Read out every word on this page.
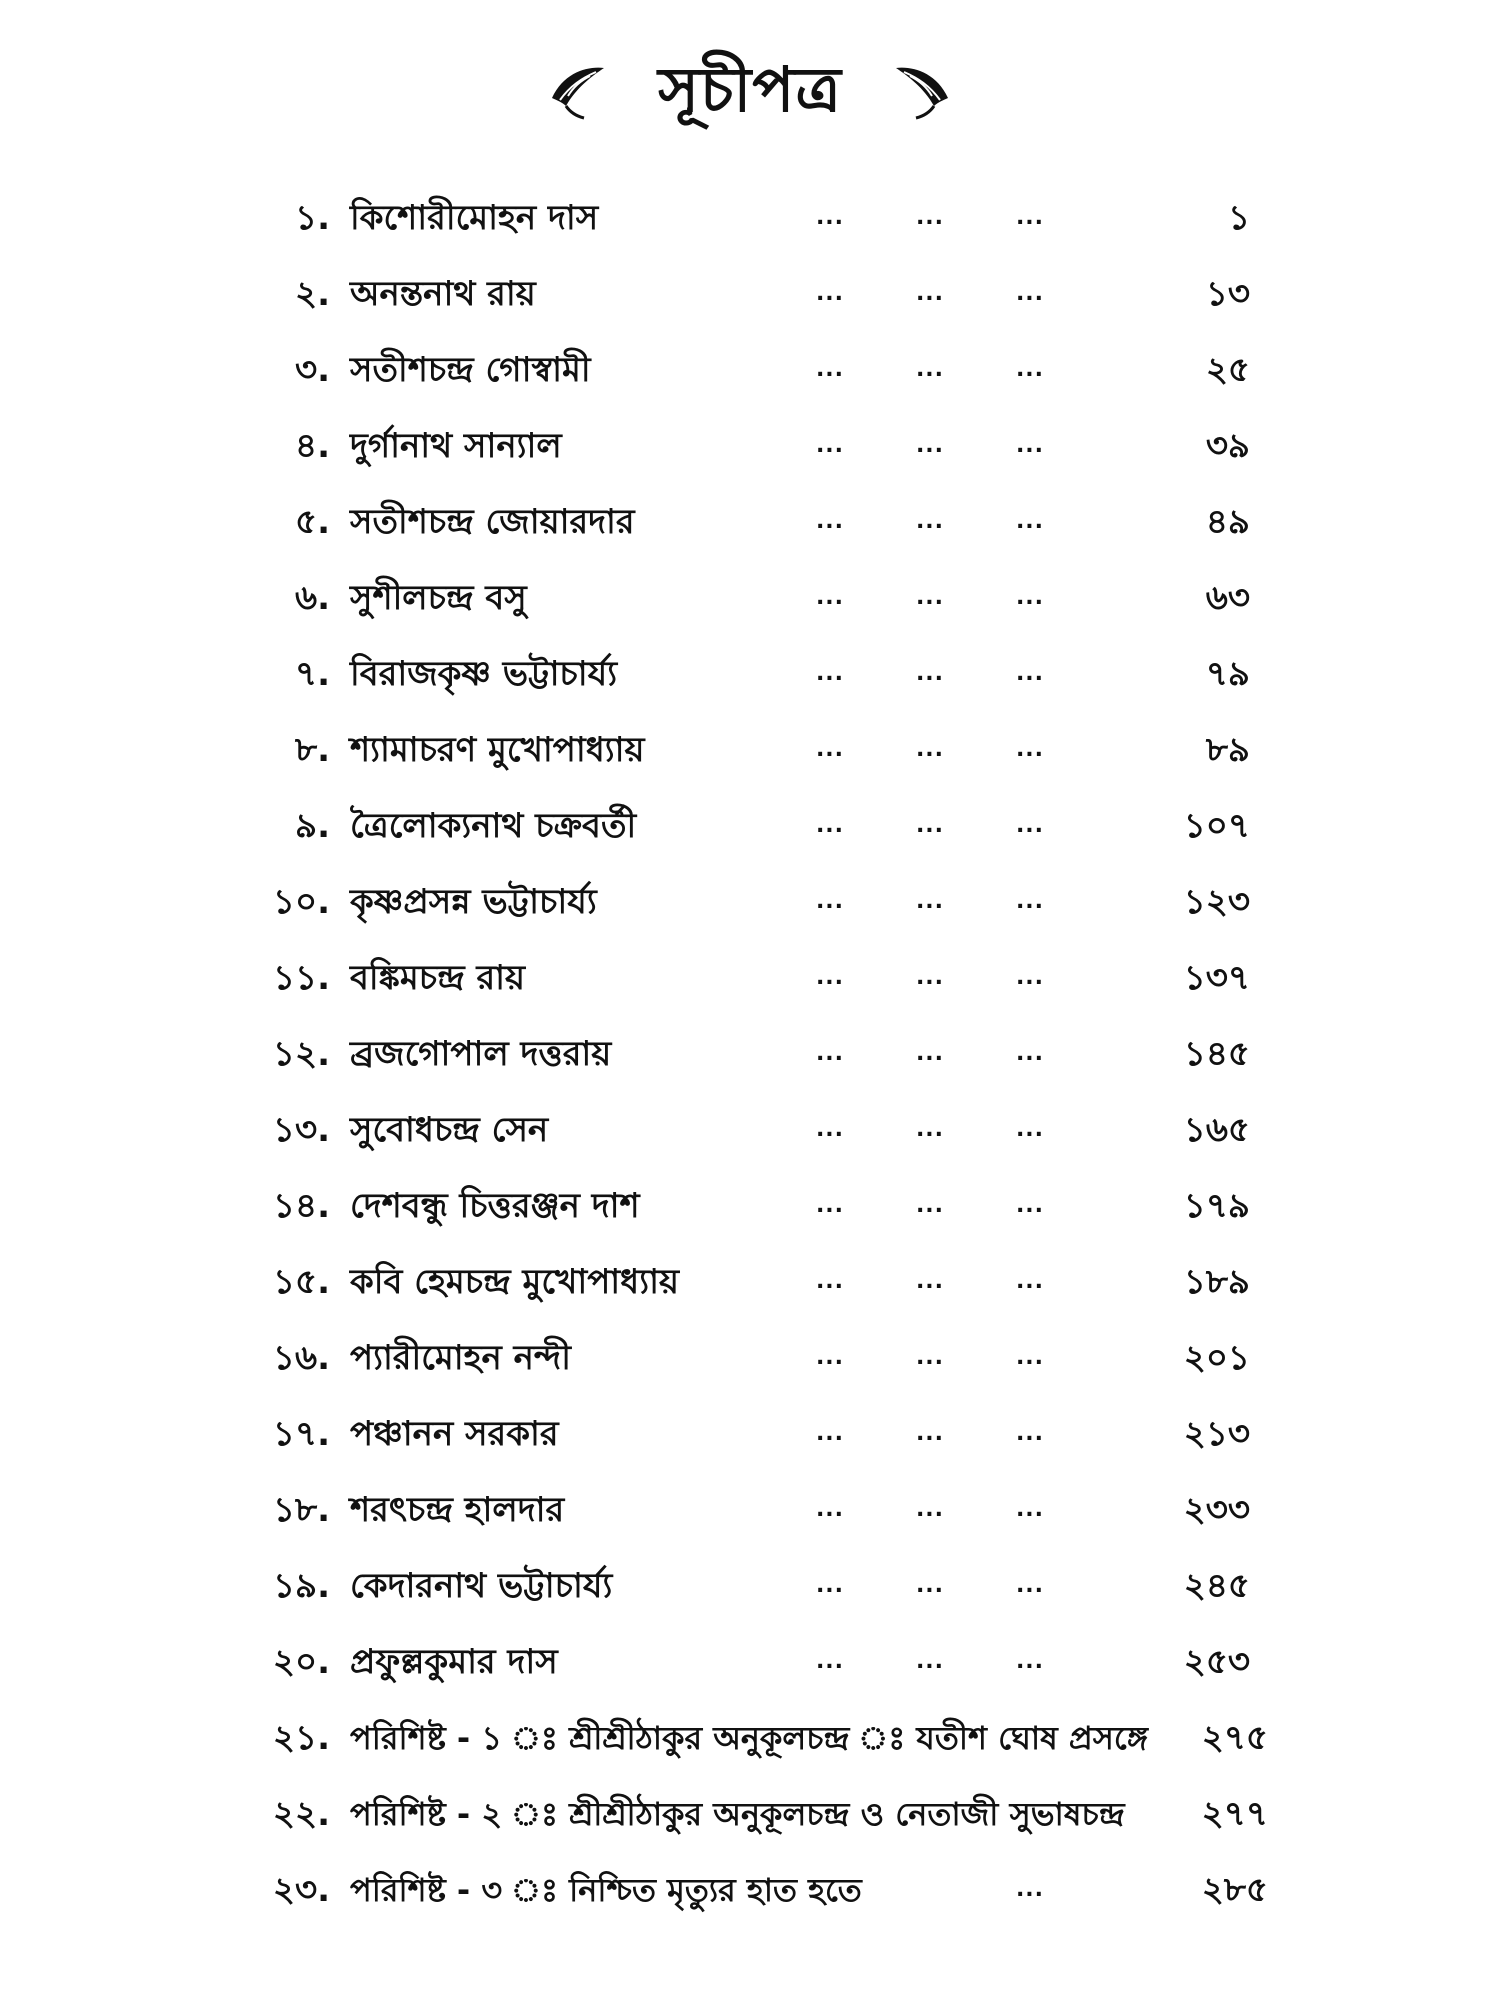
সূচীপত্র
১. কিশোরীমোহন দাস	...	...	...	১
২. অনন্তনাথ রায়	...	...	...	১৩
৩. সতীশচন্দ্র গোস্বামী	...	...	...	২৫
৪. দুর্গানাথ সান্যাল	...	...	...	৩৯
৫. সতীশচন্দ্র জোয়ারদার	...	...	...	৪৯
৬. সুশীলচন্দ্র বসু	...	...	...	৬৩
৭. বিরাজকৃষ্ণ ভট্টাচার্য্য	...	...	...	৭৯
৮. শ্যামাচরণ মুখোপাধ্যায়	...	...	...	৮৯
৯. ত্রৈলোক্যনাথ চক্রবর্তী	...	...	...	১০৭
১০. কৃষ্ণপ্রসন্ন ভট্টাচার্য্য	...	...	...	১২৩
১১. বঙ্কিমচন্দ্র রায়	...	...	...	১৩৭
১২. ব্রজগোপাল দত্তরায়	...	...	...	১৪৫
১৩. সুবোধচন্দ্র সেন	...	...	...	১৬৫
১৪. দেশবন্ধু চিত্তরঞ্জন দাশ	...	...	...	১৭৯
১৫. কবি হেমচন্দ্র মুখোপাধ্যায়	...	...	...	১৮৯
১৬. প্যারীমোহন নন্দী	...	...	...	২০১
১৭. পঞ্চানন সরকার	...	...	...	২১৩
১৮. শরৎচন্দ্র হালদার	...	...	...	২৩৩
১৯. কেদারনাথ ভট্টাচার্য্য	...	...	...	২৪৫
২০. প্রফুল্লকুমার দাস	...	...	...	২৫৩
২১. পরিশিষ্ট - ১ ঃ শ্রীশ্রীঠাকুর অনুকূলচন্দ্র ঃ যতীশ ঘোষ প্রসঙ্গে ২৭৫
২২. পরিশিষ্ট - ২ ঃ শ্রীশ্রীঠাকুর অনুকূলচন্দ্র ও নেতাজী সুভাষচন্দ্র ২৭৭
২৩. পরিশিষ্ট - ৩ ঃ নিশ্চিত মৃত্যুর হাত হতে	...	২৮৫
